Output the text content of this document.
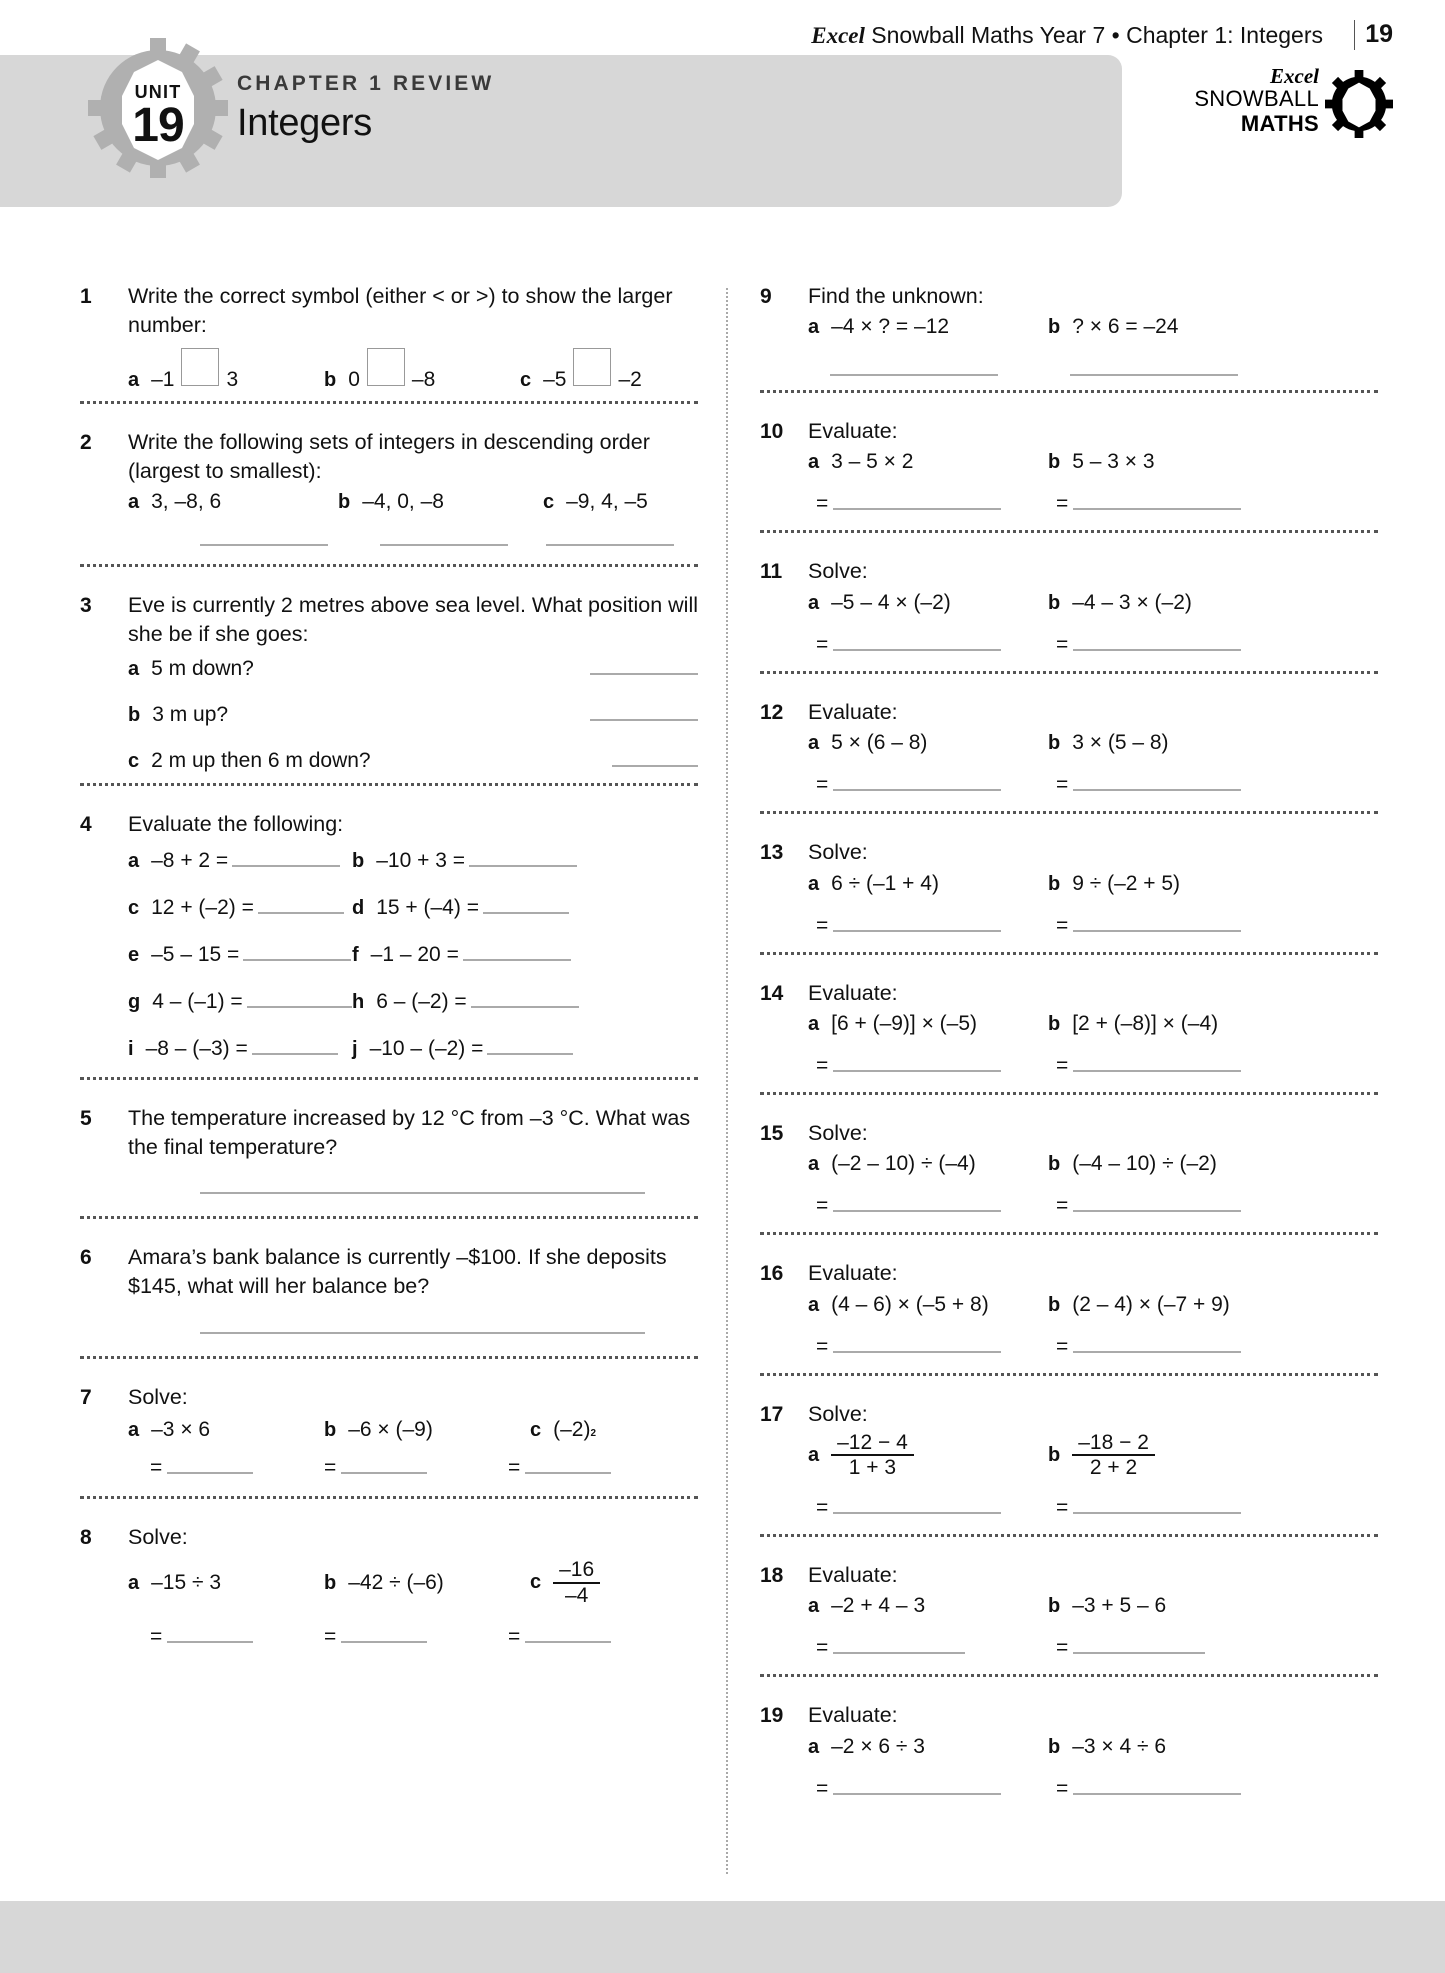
UNIT
19
CHAPTER 1 REVIEW
Integers
Excel
SNOWBALL
MATHS
1	Write the correct symbol (either < or >) to show the larger number:
a –1 3	b 0 –8	c –5 –2
2	Write the following sets of integers in descending order (largest to smallest):
a 3, –8, 6	b –4, 0, –8	c –9, 4, –5
3	Eve is currently 2 metres above sea level. What position will she be if she goes:
a 5 m down?
b 3 m up?
c 2 m up then 6 m down?
4	Evaluate the following:
a –8 + 2 =	b –10 + 3 =
c 12 + (–2) =	d 15 + (–4) =
e –5 – 15 =	f –1 – 20 =
g 4 – (–1) =	h 6 – (–2) =
i –8 – (–3) =	j –10 – (–2) =
5	The temperature increased by 12 °C from –3 °C. What was the final temperature?
6	Amara’s bank balance is currently –$100. If she deposits $145, what will her balance be?
7	Solve:
a –3 × 6	b –6 × (–9)	c $(-2)_2$
=	=	=
8	Solve:
a –15 ÷ 3	b –42 ÷ (–6)	c $\frac{-16}{-4}$
=	=	=
9	Find the unknown:
a –4 × ? = –12	b ? × 6 = –24
10	Evaluate:
a 3 – 5 × 2	b 5 – 3 × 3
=	=
11	Solve:
a –5 – 4 × (–2)	b –4 – 3 × (–2)
=	=
12	Evaluate:
a 5 × (6 – 8)	b 3 × (5 – 8)
=	=
13	Solve:
a 6 ÷ (–1 + 4)	b 9 ÷ (–2 + 5)
=	=
14	Evaluate:
a [6 + (–9)] × (–5)	b [2 + (–8)] × (–4)
=	=
15	Solve:
a (–2 – 10) ÷ (–4)	b (–4 – 10) ÷ (–2)
=	=
16	Evaluate:
a (4 – 6) × (–5 + 8)	b (2 – 4) × (–7 + 9)
=	=
17	Solve:
a $\frac{-12 - 4}{1 + 3}$	b $\frac{-18 - 2}{2 + 2}$
=	=
18	Evaluate:
a –2 + 4 – 3	b –3 + 5 – 6
=	=
19	Evaluate:
a –2 × 6 ÷ 3	b –3 × 4 ÷ 6
=	=
Excel Snowball Maths Year 7 • Chapter 1: Integers 19
